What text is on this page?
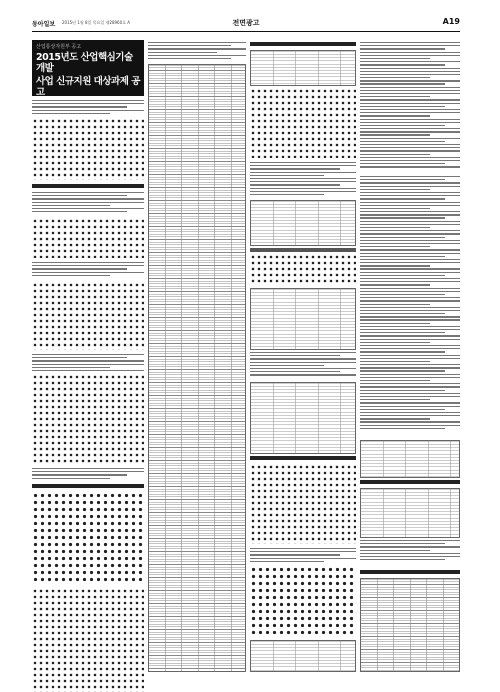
동아일보 2015년 1월 8일 목요일 제28960호 A	전면광고	A19
산업통상자원부 공고
2015년도 산업핵심기술개발
사업 신규지원 대상과제 공고
